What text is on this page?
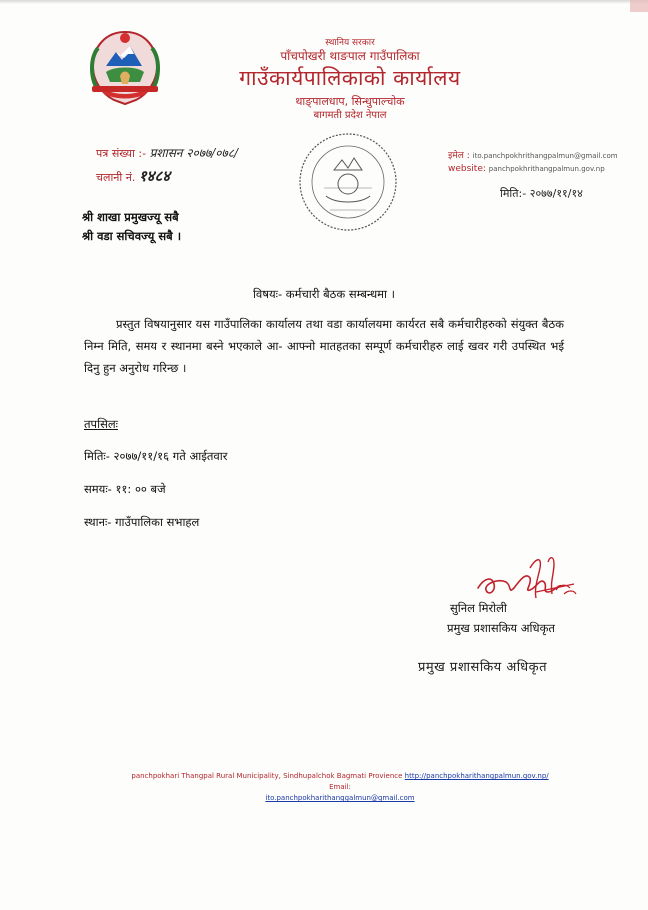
स्थानिय सरकार
पाँचपोखरी थाङपाल गाउँपालिका
गाउँकार्यपालिकाको कार्यालय
थाङ्पालधाप, सिन्धुपाल्चोक
बागमती प्रदेश नेपाल
पत्र संख्या :- प्रशासन २०७७/०७८/
चलानी नं. १४८४
इमेल : ito.panchpokhrithangpalmun@gmail.com
website: panchpokhrithangpalmun.gov.np
मिति:- २०७७/११/१४
श्री शाखा प्रमुखज्यू सबै
श्री वडा सचिवज्यू सबै ।
विषयः- कर्मचारी बैठक सम्बन्धमा ।
प्रस्तुत विषयानुसार यस गाउँपालिका कार्यालय तथा वडा कार्यालयमा कार्यरत सबै कर्मचारीहरुको संयुक्त बैठक निम्न मिति, समय र स्थानमा बस्ने भएकाले आ- आफ्नो मातहतका सम्पूर्ण कर्मचारीहरु लाई खवर गरी उपस्थित भई दिनु हुन अनुरोध गरिन्छ ।
तपसिलः
मितिः- २०७७/११/१६ गते आईतवार
समयः- ११: ०० बजे
स्थानः- गाउँपालिका सभाहल
सुनिल मिरोली
प्रमुख प्रशासकिय अधिकृत
प्रमुख प्रशासकिय अधिकृत
panchpokhari Thangpal Rural Municipality, Sindhupalchok Bagmati Provience http://panchpokharithangpalmun.gov.np/ Email:
ito.panchpokharithanggalmun@gmail.com
